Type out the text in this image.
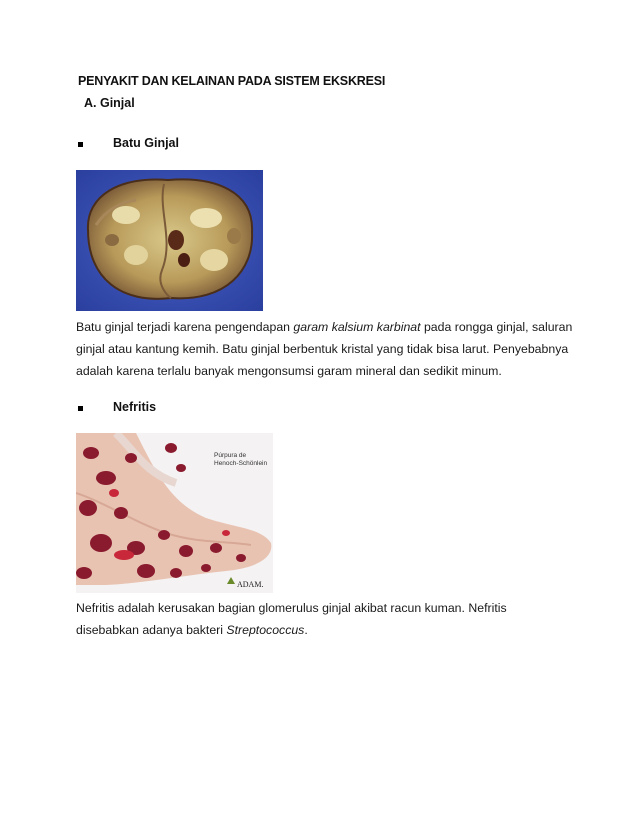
PENYAKIT DAN KELAINAN PADA SISTEM EKSKRESI
A. Ginjal
Batu Ginjal
Batu ginjal terjadi karena pengendapan garam kalsium karbinat pada rongga ginjal, saluran
ginjal atau kantung kemih. Batu ginjal berbentuk kristal yang tidak bisa larut. Penyebabnya
adalah karena terlalu banyak mengonsumsi garam mineral dan sedikit minum.
Nefritis
Púrpura de
Henoch-Schönlein
ADAM.
Nefritis adalah kerusakan bagian glomerulus ginjal akibat racun kuman. Nefritis
disebabkan adanya bakteri Streptococcus.
